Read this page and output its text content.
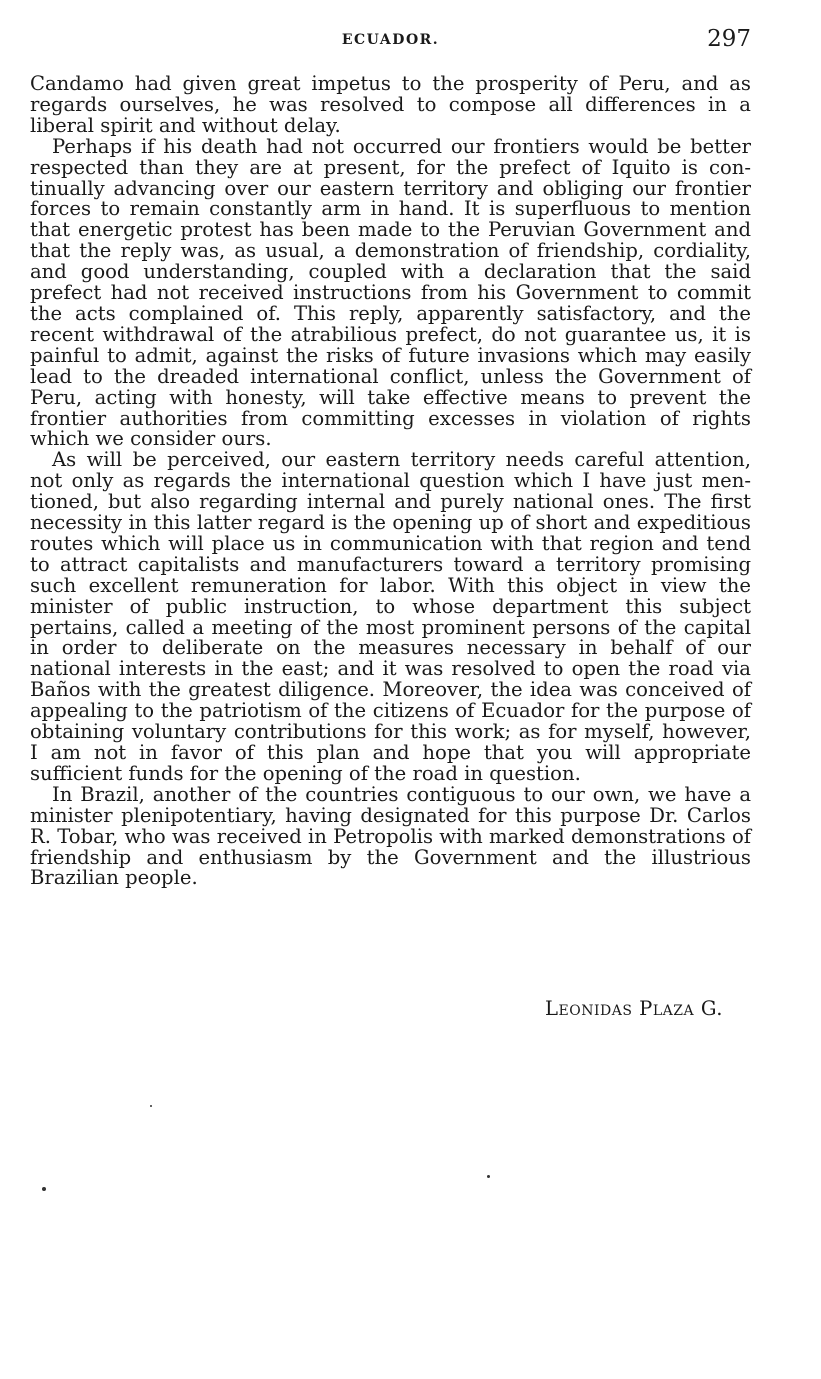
ECUADOR.	297

Candamo had given great impetus to the prosperity of Peru, and as regards ourselves, he was resolved to compose all differences in a liberal spirit and without delay.

Perhaps if his death had not occurred our frontiers would be better respected than they are at present, for the prefect of Iquito is continually advancing over our eastern territory and obliging our frontier forces to remain constantly arm in hand. It is superfluous to mention that energetic protest has been made to the Peruvian Government and that the reply was, as usual, a demonstration of friendship, cordiality, and good understanding, coupled with a declaration that the said prefect had not received instructions from his Government to commit the acts complained of. This reply, apparently satisfactory, and the recent withdrawal of the atrabilious prefect, do not guarantee us, it is painful to admit, against the risks of future invasions which may easily lead to the dreaded international conflict, unless the Government of Peru, acting with honesty, will take effective means to prevent the frontier authorities from committing excesses in violation of rights which we consider ours.

As will be perceived, our eastern territory needs careful attention, not only as regards the international question which I have just mentioned, but also regarding internal and purely national ones. The first necessity in this latter regard is the opening up of short and expeditious routes which will place us in communication with that region and tend to attract capitalists and manufacturers toward a territory promising such excellent remuneration for labor. With this object in view the minister of public instruction, to whose department this subject pertains, called a meeting of the most prominent persons of the capital in order to deliberate on the measures necessary in behalf of our national interests in the east; and it was resolved to open the road via Baños with the greatest diligence. Moreover, the idea was conceived of appealing to the patriotism of the citizens of Ecuador for the purpose of obtaining voluntary contributions for this work; as for myself, however, I am not in favor of this plan and hope that you will appropriate sufficient funds for the opening of the road in question.

In Brazil, another of the countries contiguous to our own, we have a minister plenipotentiary, having designated for this purpose Dr. Carlos R. Tobar, who was received in Petropolis with marked demonstrations of friendship and enthusiasm by the Government and the illustrious Brazilian people.

Leonidas Plaza G.
